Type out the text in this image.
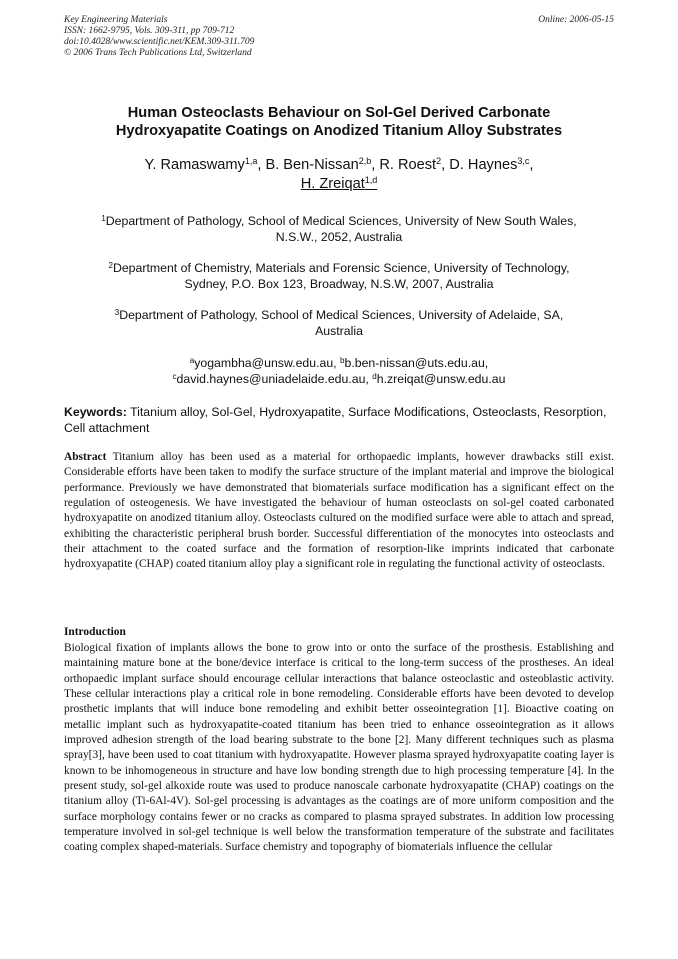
Key Engineering Materials
ISSN: 1662-9795, Vols. 309-311, pp 709-712
doi:10.4028/www.scientific.net/KEM.309-311.709
© 2006 Trans Tech Publications Ltd, Switzerland
Online: 2006-05-15
Human Osteoclasts Behaviour on Sol-Gel Derived Carbonate
Hydroxyapatite Coatings on Anodized Titanium Alloy Substrates
Y. Ramaswamy$^{1,a}$, B. Ben-Nissan$^{2,b}$, R. Roest$^2$, D. Haynes$^{3,c}$,
H. Zreiqat$^{1,d}$
$^1$Department of Pathology, School of Medical Sciences, University of New South Wales,
N.S.W., 2052, Australia
$^2$Department of Chemistry, Materials and Forensic Science, University of Technology,
Sydney, P.O. Box 123, Broadway, N.S.W, 2007, Australia
$^3$Department of Pathology, School of Medical Sciences, University of Adelaide, SA,
Australia
$^a$yogambha@unsw.edu.au, $^b$b.ben-nissan@uts.edu.au,
$^c$david.haynes@uniadelaide.edu.au, $^d$h.zreiqat@unsw.edu.au
Keywords: Titanium alloy, Sol-Gel, Hydroxyapatite, Surface Modifications, Osteoclasts, Resorption, Cell attachment
Abstract Titanium alloy has been used as a material for orthopaedic implants, however drawbacks still exist. Considerable efforts have been taken to modify the surface structure of the implant material and improve the biological performance. Previously we have demonstrated that biomaterials surface modification has a significant effect on the regulation of osteogenesis. We have investigated the behaviour of human osteoclasts on sol-gel coated carbonated hydroxyapatite on anodized titanium alloy. Osteoclasts cultured on the modified surface were able to attach and spread, exhibiting the characteristic peripheral brush border. Successful differentiation of the monocytes into osteoclasts and their attachment to the coated surface and the formation of resorption-like imprints indicated that carbonate hydroxyapatite (CHAP) coated titanium alloy play a significant role in regulating the functional activity of osteoclasts.
Introduction
Biological fixation of implants allows the bone to grow into or onto the surface of the prosthesis. Establishing and maintaining mature bone at the bone/device interface is critical to the long-term success of the prostheses. An ideal orthopaedic implant surface should encourage cellular interactions that balance osteoclastic and osteoblastic activity. These cellular interactions play a critical role in bone remodeling. Considerable efforts have been devoted to develop prosthetic implants that will induce bone remodeling and exhibit better osseointegration [1]. Bioactive coating on metallic implant such as hydroxyapatite-coated titanium has been tried to enhance osseointegration as it allows improved adhesion strength of the load bearing substrate to the bone [2]. Many different techniques such as plasma spray[3], have been used to coat titanium with hydroxyapatite. However plasma sprayed hydroxyapatite coating layer is known to be inhomogeneous in structure and have low bonding strength due to high processing temperature [4]. In the present study, sol-gel alkoxide route was used to produce nanoscale carbonate hydroxyapatite (CHAP) coatings on the titanium alloy (Ti-6Al-4V). Sol-gel processing is advantages as the coatings are of more uniform composition and the surface morphology contains fewer or no cracks as compared to plasma sprayed substrates. In addition low processing temperature involved in sol-gel technique is well below the transformation temperature of the substrate and facilitates coating complex shaped-materials. Surface chemistry and topography of biomaterials influence the cellular
